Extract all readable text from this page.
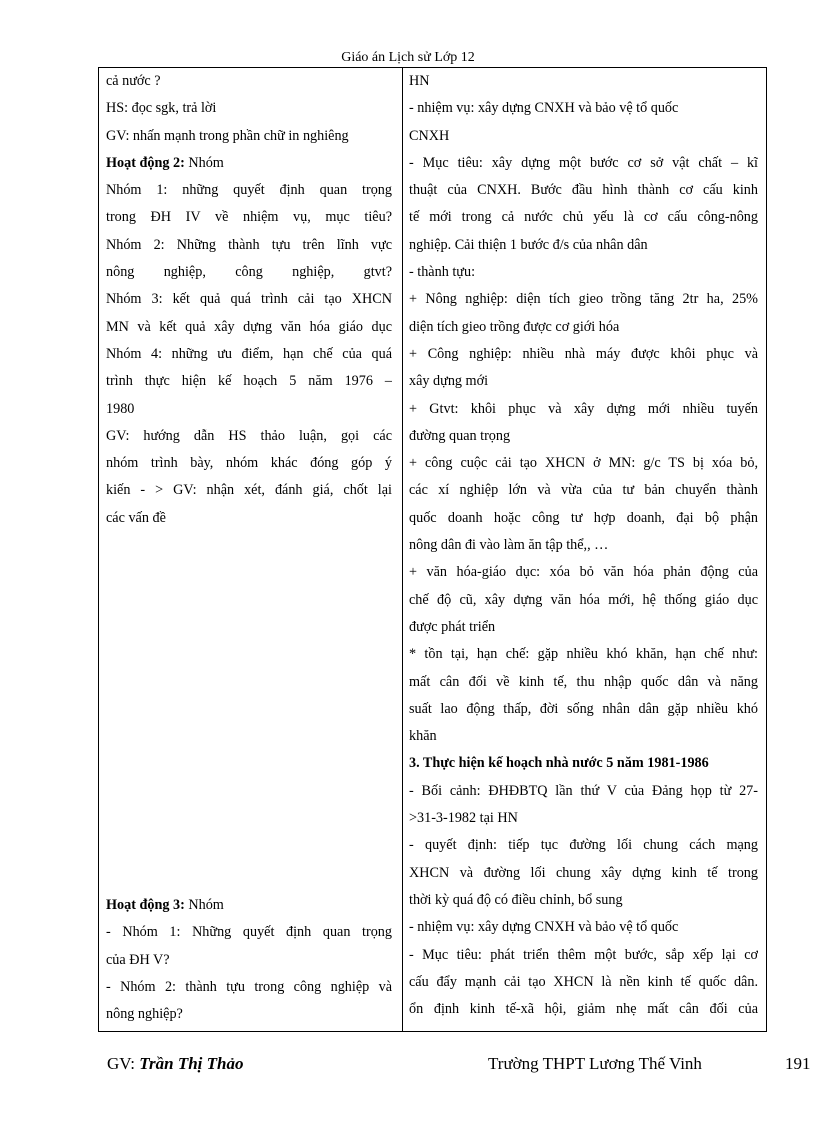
Giáo án Lịch sử Lớp 12
cả nước ?
HS: đọc sgk, trả lời
GV: nhấn mạnh trong phần chữ in nghiêng
Hoạt động 2: Nhóm
Nhóm 1: những quyết định quan trọng
trong ĐH IV về nhiệm vụ, mục tiêu?
Nhóm 2: Những thành tựu trên lĩnh vực
nông nghiệp, công nghiệp, gtvt?
Nhóm 3: kết quả quá trình cải tạo XHCN
MN và kết quả xây dựng văn hóa giáo dục
Nhóm 4: những ưu điểm, hạn chế của quá
trình thực hiện kế hoạch 5 năm 1976 –
1980
GV: hướng dẫn HS thảo luận, gọi các
nhóm trình bày, nhóm khác đóng góp ý
kiến - > GV: nhận xét, đánh giá, chốt lại
các vấn đề
Hoạt động 3: Nhóm
- Nhóm 1: Những quyết định quan trọng
của ĐH V?
- Nhóm 2: thành tựu trong công nghiệp và
nông nghiệp?
HN
- nhiệm vụ: xây dựng CNXH và bảo vệ tổ quốc
CNXH
- Mục tiêu: xây dựng một bước cơ sở vật chất – kĩ
thuật của CNXH. Bước đầu hình thành cơ cấu kinh
tế mới trong cả nước chủ yếu là cơ cấu công-nông
nghiệp. Cải thiện 1 bước đ/s của nhân dân
- thành tựu:
+ Nông nghiệp: diện tích gieo trồng tăng 2tr ha, 25%
diện tích gieo trồng được cơ giới hóa
+ Công nghiệp: nhiều nhà máy được khôi phục và
xây dựng mới
+ Gtvt: khôi phục và xây dựng mới nhiều tuyến
đường quan trọng
+ công cuộc cải tạo XHCN ở MN: g/c TS bị xóa bỏ,
các xí nghiệp lớn và vừa của tư bản chuyển thành
quốc doanh hoặc công tư hợp doanh, đại bộ phận
nông dân đi vào làm ăn tập thể,, …
+ văn hóa-giáo dục: xóa bỏ văn hóa phản động của
chế độ cũ, xây dựng văn hóa mới, hệ thống giáo dục
được phát triển
* tồn tại, hạn chế: gặp nhiều khó khăn, hạn chế như:
mất cân đối về kinh tế, thu nhập quốc dân và năng
suất lao động thấp, đời sống nhân dân gặp nhiều khó
khăn
3. Thực hiện kế hoạch nhà nước 5 năm 1981-1986
- Bối cảnh: ĐHĐBTQ lần thứ V của Đảng họp từ 27-
>31-3-1982 tại HN
- quyết định: tiếp tục đường lối chung cách mạng
XHCN và đường lối chung xây dựng kinh tế trong
thời kỳ quá độ có điều chỉnh, bổ sung
- nhiệm vụ: xây dựng CNXH và bảo vệ tổ quốc
- Mục tiêu: phát triển thêm một bước, sắp xếp lại cơ
cấu đẩy mạnh cải tạo XHCN là nền kinh tế quốc dân.
ổn định kinh tế-xã hội, giảm nhẹ mất cân đối của
GV: Trần Thị Thảo	Trường THPT Lương Thế Vinh	191
